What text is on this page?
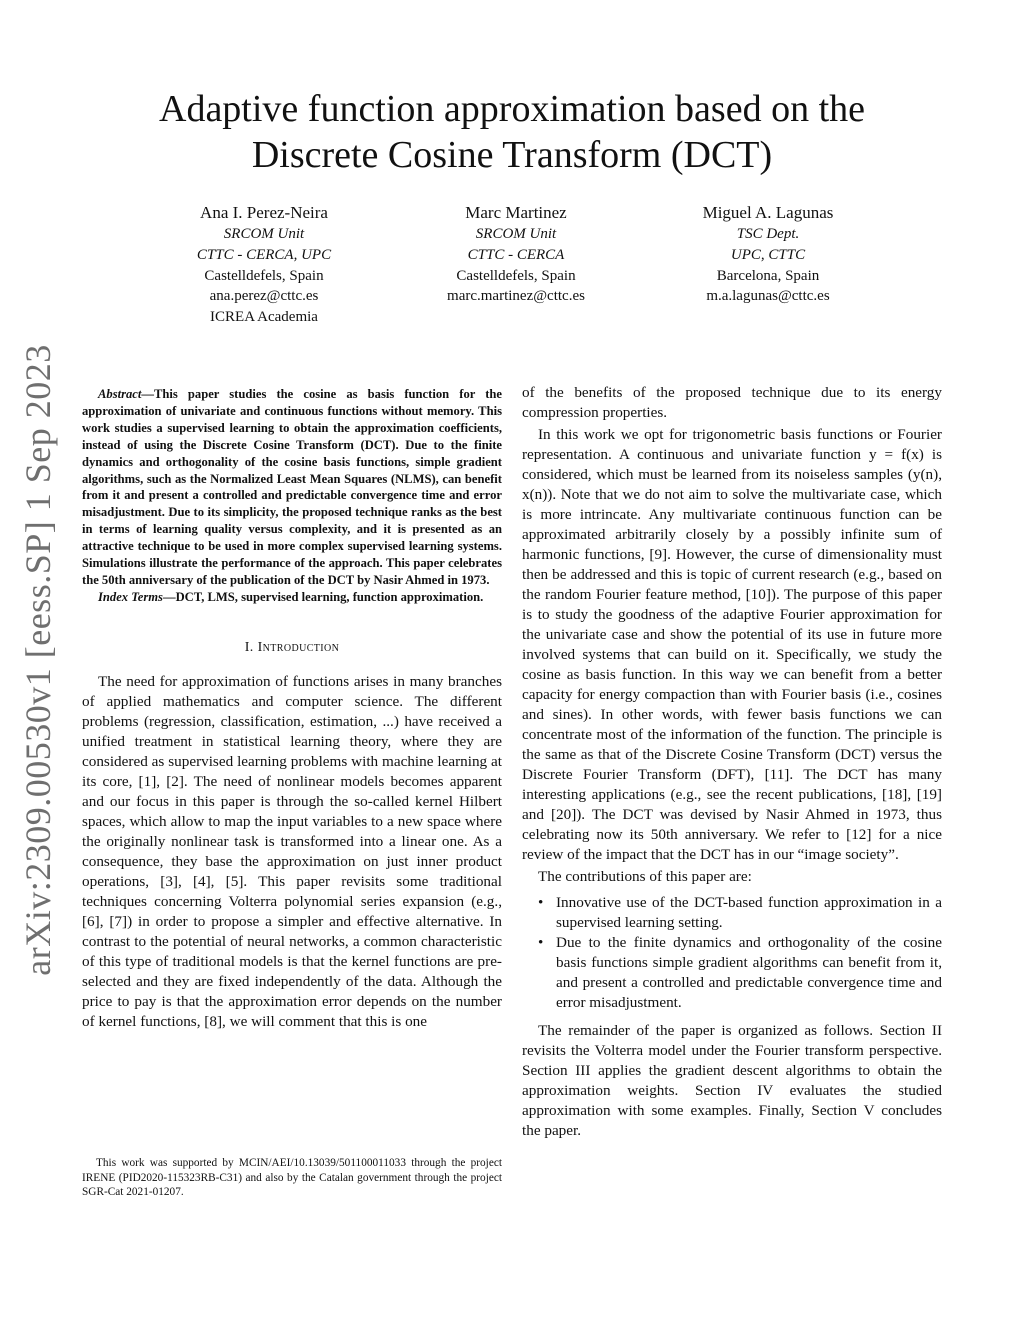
arXiv:2309.00530v1 [eess.SP] 1 Sep 2023
Adaptive function approximation based on the
Discrete Cosine Transform (DCT)
Ana I. Perez-Neira
SRCOM Unit
CTTC - CERCA, UPC
Castelldefels, Spain
ana.perez@cttc.es
ICREA Academia
Marc Martinez
SRCOM Unit
CTTC - CERCA
Castelldefels, Spain
marc.martinez@cttc.es
Miguel A. Lagunas
TSC Dept.
UPC, CTTC
Barcelona, Spain
m.a.lagunas@cttc.es

Abstract—This paper studies the cosine as basis function for the approximation of univariate and continuous functions without memory. This work studies a supervised learning to obtain the approximation coefficients, instead of using the Discrete Cosine Transform (DCT). Due to the finite dynamics and orthogonality of the cosine basis functions, simple gradient algorithms, such as the Normalized Least Mean Squares (NLMS), can benefit from it and present a controlled and predictable convergence time and error misadjustment. Due to its simplicity, the proposed technique ranks as the best in terms of learning quality versus complexity, and it is presented as an attractive technique to be used in more complex supervised learning systems. Simulations illustrate the performance of the approach. This paper celebrates the 50th anniversary of the publication of the DCT by Nasir Ahmed in 1973.

Index Terms—DCT, LMS, supervised learning, function approximation.

I. Introduction

The need for approximation of functions arises in many branches of applied mathematics and computer science. The different problems (regression, classification, estimation, ...) have received a unified treatment in statistical learning theory, where they are considered as supervised learning problems with machine learning at its core, [1], [2]. The need of nonlinear models becomes apparent and our focus in this paper is through the so-called kernel Hilbert spaces, which allow to map the input variables to a new space where the originally nonlinear task is transformed into a linear one. As a consequence, they base the approximation on just inner product operations, [3], [4], [5]. This paper revisits some traditional techniques concerning Volterra polynomial series expansion (e.g., [6], [7]) in order to propose a simpler and effective alternative. In contrast to the potential of neural networks, a common characteristic of this type of traditional models is that the kernel functions are pre-selected and they are fixed independently of the data. Although the price to pay is that the approximation error depends on the number of kernel functions, [8], we will comment that this is one

This work was supported by MCIN/AEI/10.13039/501100011033 through the project IRENE (PID2020-115323RB-C31) and also by the Catalan government through the project SGR-Cat 2021-01207.

of the benefits of the proposed technique due to its energy compression properties.

In this work we opt for trigonometric basis functions or Fourier representation. A continuous and univariate function y = f(x) is considered, which must be learned from its noiseless samples (y(n), x(n)). Note that we do not aim to solve the multivariate case, which is more intrincate. Any multivariate continuous function can be approximated arbitrarily closely by a possibly infinite sum of harmonic functions, [9]. However, the curse of dimensionality must then be addressed and this is topic of current research (e.g., based on the random Fourier feature method, [10]). The purpose of this paper is to study the goodness of the adaptive Fourier approximation for the univariate case and show the potential of its use in future more involved systems that can build on it. Specifically, we study the cosine as basis function. In this way we can benefit from a better capacity for energy compaction than with Fourier basis (i.e., cosines and sines). In other words, with fewer basis functions we can concentrate most of the information of the function. The principle is the same as that of the Discrete Cosine Transform (DCT) versus the Discrete Fourier Transform (DFT), [11]. The DCT has many interesting applications (e.g., see the recent publications, [18], [19] and [20]). The DCT was devised by Nasir Ahmed in 1973, thus celebrating now its 50th anniversary. We refer to [12] for a nice review of the impact that the DCT has in our “image society”.

The contributions of this paper are:

• Innovative use of the DCT-based function approximation in a supervised learning setting.
• Due to the finite dynamics and orthogonality of the cosine basis functions simple gradient algorithms can benefit from it, and present a controlled and predictable convergence time and error misadjustment.

The remainder of the paper is organized as follows. Section II revisits the Volterra model under the Fourier transform perspective. Section III applies the gradient descent algorithms to obtain the approximation weights. Section IV evaluates the studied approximation with some examples. Finally, Section V concludes the paper.
